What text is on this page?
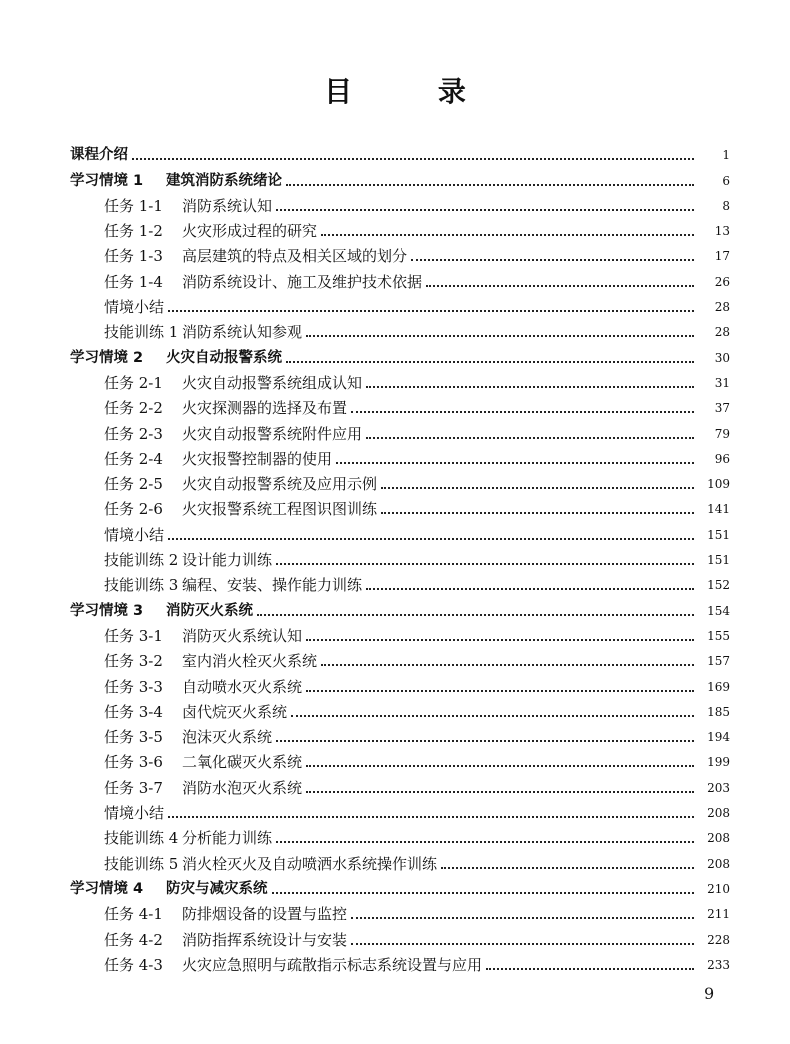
目 录
课程介绍	1
学习情境 1 建筑消防系统绪论	6
任务 1-1 消防系统认知	8
任务 1-2 火灾形成过程的研究	13
任务 1-3 高层建筑的特点及相关区域的划分	17
任务 1-4 消防系统设计、施工及维护技术依据	26
情境小结	28
技能训练 1 消防系统认知参观	28
学习情境 2 火灾自动报警系统	30
任务 2-1 火灾自动报警系统组成认知	31
任务 2-2 火灾探测器的选择及布置	37
任务 2-3 火灾自动报警系统附件应用	79
任务 2-4 火灾报警控制器的使用	96
任务 2-5 火灾自动报警系统及应用示例	109
任务 2-6 火灾报警系统工程图识图训练	141
情境小结	151
技能训练 2 设计能力训练	151
技能训练 3 编程、安装、操作能力训练	152
学习情境 3 消防灭火系统	154
任务 3-1 消防灭火系统认知	155
任务 3-2 室内消火栓灭火系统	157
任务 3-3 自动喷水灭火系统	169
任务 3-4 卤代烷灭火系统	185
任务 3-5 泡沫灭火系统	194
任务 3-6 二氧化碳灭火系统	199
任务 3-7 消防水泡灭火系统	203
情境小结	208
技能训练 4 分析能力训练	208
技能训练 5 消火栓灭火及自动喷洒水系统操作训练	208
学习情境 4 防灾与减灾系统	210
任务 4-1 防排烟设备的设置与监控	211
任务 4-2 消防指挥系统设计与安装	228
任务 4-3 火灾应急照明与疏散指示标志系统设置与应用	233
9
